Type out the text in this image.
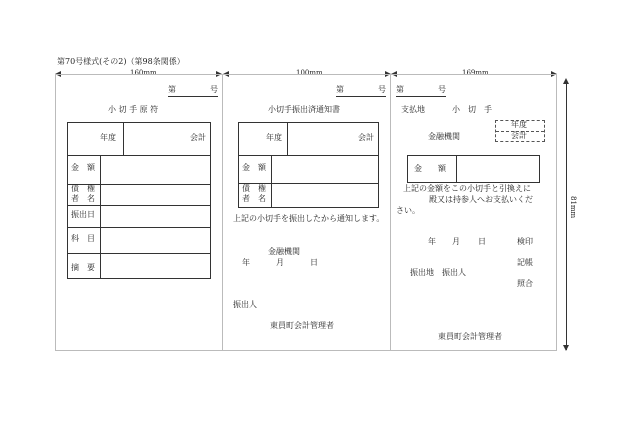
第70号様式(その2)（第98条関係）
160mm	100mm	169mm
81mm
第	号
小 切 手 原 符
年度	会計
金　額
債　権
者　名
振出日
科　目
摘　要
第	号
小切手振出済通知書
年度	会計
金　額
債　権
者　名
上記の小切手を振出したから通知します。
金融機関
年	月	日
振出人
東員町会計管理者
第	号
支払地	小　切　手
年度
会計
金融機関
金　　額
上記の金額をこの小切手と引換えに
殿又は持参人へお支払いくだ
さい。
年 月 日	検印
記帳
振出地　振出人
照合
東員町会計管理者
